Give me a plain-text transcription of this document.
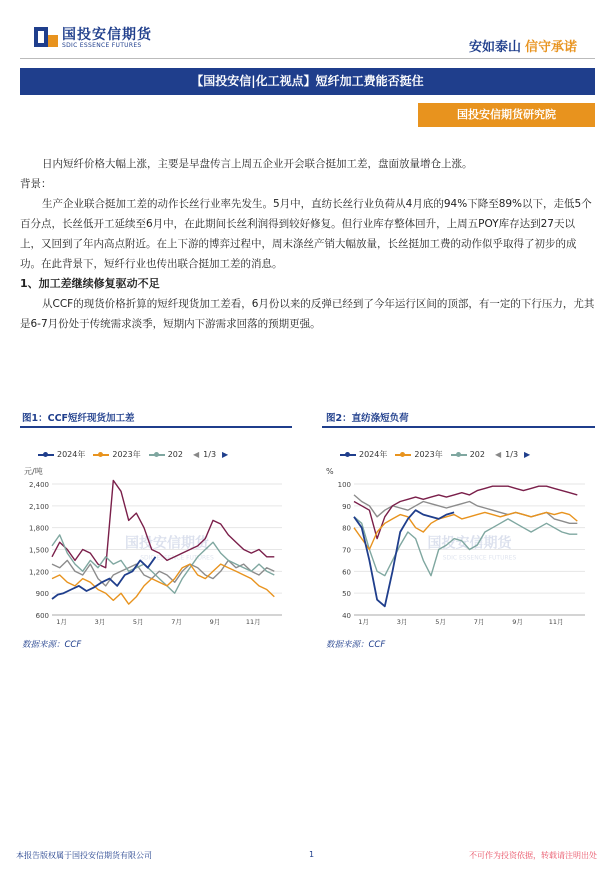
国投安信期货
SDIC ESSENCE FUTURES	安如泰山 信守承诺
【国投安信|化工视点】短纤加工费能否挺住
国投安信期货研究院

日内短纤价格大幅上涨，主要是早盘传言上周五企业开会联合挺加工差，盘面放量增仓上涨。

背景：

生产企业联合挺加工差的动作长丝行业率先发生。5月中，直纺长丝行业负荷从4月底的94%下降至89%以下，走低5个百分点，长丝低开工延续至6月中，在此期间长丝利润得到较好修复。但行业库存整体回升，上周五POY库存达到27天以上，又回到了年内高点附近。在上下游的博弈过程中，周末涤丝产销大幅放量，长丝挺加工费的动作似乎取得了初步的成功。在此背景下，短纤行业也传出联合挺加工差的消息。

1、加工差继续修复驱动不足

从CCF的现货价格折算的短纤现货加工差看，6月份以来的反弹已经到了今年运行区间的顶部，有一定的下行压力，尤其是6-7月份处于传统需求淡季，短期内下游需求回落的预期更强。

图1：CCF短纤现货加工差
2024年	2023年	202 ◀ 1/3 ▶
元/吨
600
900
1,200
1,500
1,800
2,100
2,400
1月	3月	5月	7月	9月	11月
国投安信期货
SDIC ESSENCE FUTURES
数据来源：CCF
图2：直纺涤短负荷
2024年	2023年	202 ◀ 1/3 ▶
%
40
50
60
70
80
90
100
1月	3月	5月	7月	9月	11月
国投安信期货
SDIC ESSENCE FUTURES
数据来源：CCF
本报告版权属于国投安信期货有限公司	1	不可作为投资依据，转载请注明出处
